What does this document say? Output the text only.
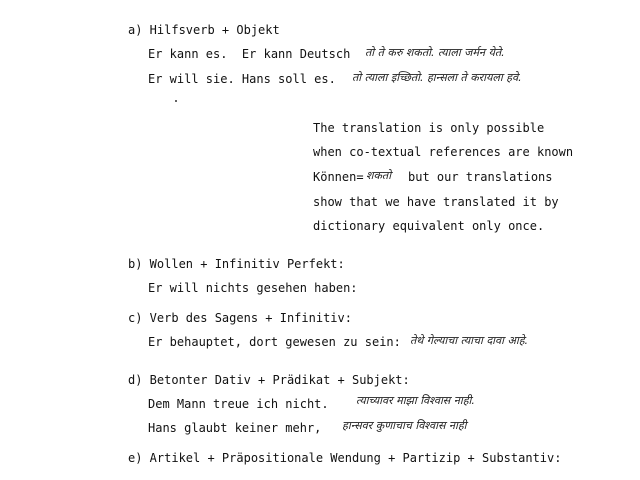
a) Hilfsverb + Objekt
Er kann es.  Er kann Deutsch तो ते करु शकतो. त्याला जर्मन येते.
Er will sie. Hans soll es. तो त्याला इच्छितो. हान्सला ते करायला हवे.
The translation is only possible
when co-textual references are known
Können= शकतो but our translations
show that we have translated it by
dictionary equivalent only once.
b) Wollen + Infinitiv Perfekt:
Er will nichts gesehen haben:
c) Verb des Sagens + Infinitiv:
Er behauptet, dort gewesen zu sein: तेथे गेल्याचा त्याचा दावा आहे.
d) Betonter Dativ + Prädikat + Subjekt:
Dem Mann treue ich nicht. त्याच्यावर माझा विश्वास नाही.
Hans glaubt keiner mehr, हान्सवर कुणाचाच विश्वास नाही
e) Artikel + Präpositionale Wendung + Partizip + Substantiv:
